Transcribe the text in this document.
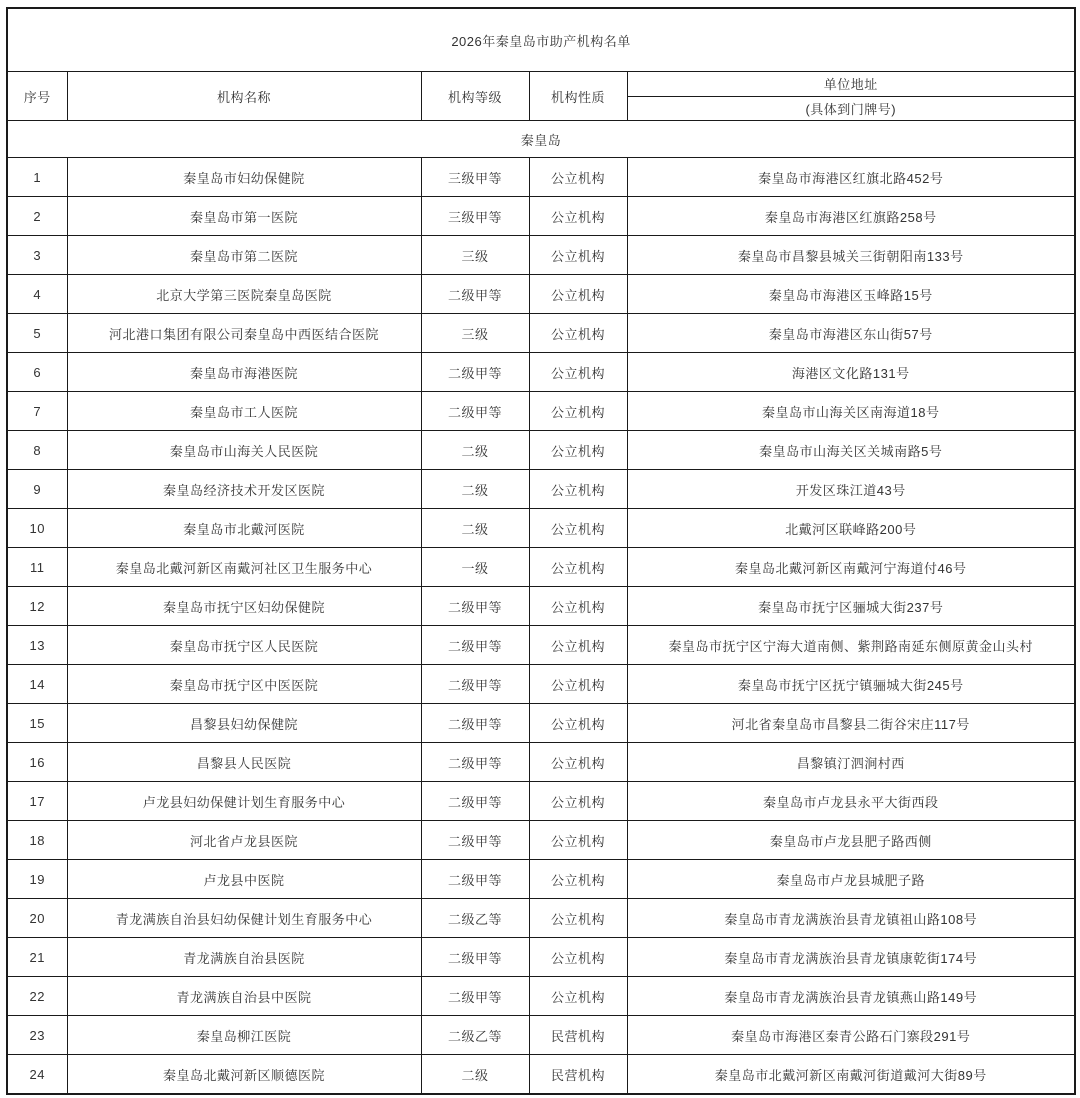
2026年秦皇岛市助产机构名单				
序号	机构名称	机构等级	机构性质	单位地址
				(具体到门牌号)
秦皇岛				
1	秦皇岛市妇幼保健院	三级甲等	公立机构	秦皇岛市海港区红旗北路452号
2	秦皇岛市第一医院	三级甲等	公立机构	秦皇岛市海港区红旗路258号
3	秦皇岛市第二医院	三级	公立机构	秦皇岛市昌黎县城关三街朝阳南133号
4	北京大学第三医院秦皇岛医院	二级甲等	公立机构	秦皇岛市海港区玉峰路15号
5	河北港口集团有限公司秦皇岛中西医结合医院	三级	公立机构	秦皇岛市海港区东山街57号
6	秦皇岛市海港医院	二级甲等	公立机构	海港区文化路131号
7	秦皇岛市工人医院	二级甲等	公立机构	秦皇岛市山海关区南海道18号
8	秦皇岛市山海关人民医院	二级	公立机构	秦皇岛市山海关区关城南路5号
9	秦皇岛经济技术开发区医院	二级	公立机构	开发区珠江道43号
10	秦皇岛市北戴河医院	二级	公立机构	北戴河区联峰路200号
11	秦皇岛北戴河新区南戴河社区卫生服务中心	一级	公立机构	秦皇岛北戴河新区南戴河宁海道付46号
12	秦皇岛市抚宁区妇幼保健院	二级甲等	公立机构	秦皇岛市抚宁区骊城大街237号
13	秦皇岛市抚宁区人民医院	二级甲等	公立机构	秦皇岛市抚宁区宁海大道南侧、紫荆路南延东侧原黄金山头村
14	秦皇岛市抚宁区中医医院	二级甲等	公立机构	秦皇岛市抚宁区抚宁镇骊城大街245号
15	昌黎县妇幼保健院	二级甲等	公立机构	河北省秦皇岛市昌黎县二街谷宋庄117号
16	昌黎县人民医院	二级甲等	公立机构	昌黎镇汀泗涧村西
17	卢龙县妇幼保健计划生育服务中心	二级甲等	公立机构	秦皇岛市卢龙县永平大街西段
18	河北省卢龙县医院	二级甲等	公立机构	秦皇岛市卢龙县肥子路西侧
19	卢龙县中医院	二级甲等	公立机构	秦皇岛市卢龙县城肥子路
20	青龙满族自治县妇幼保健计划生育服务中心	二级乙等	公立机构	秦皇岛市青龙满族治县青龙镇祖山路108号
21	青龙满族自治县医院	二级甲等	公立机构	秦皇岛市青龙满族治县青龙镇康乾街174号
22	青龙满族自治县中医院	二级甲等	公立机构	秦皇岛市青龙满族治县青龙镇燕山路149号
23	秦皇岛柳江医院	二级乙等	民营机构	秦皇岛市海港区秦青公路石门寨段291号
24	秦皇岛北戴河新区顺德医院	二级	民营机构	秦皇岛市北戴河新区南戴河街道戴河大街89号
